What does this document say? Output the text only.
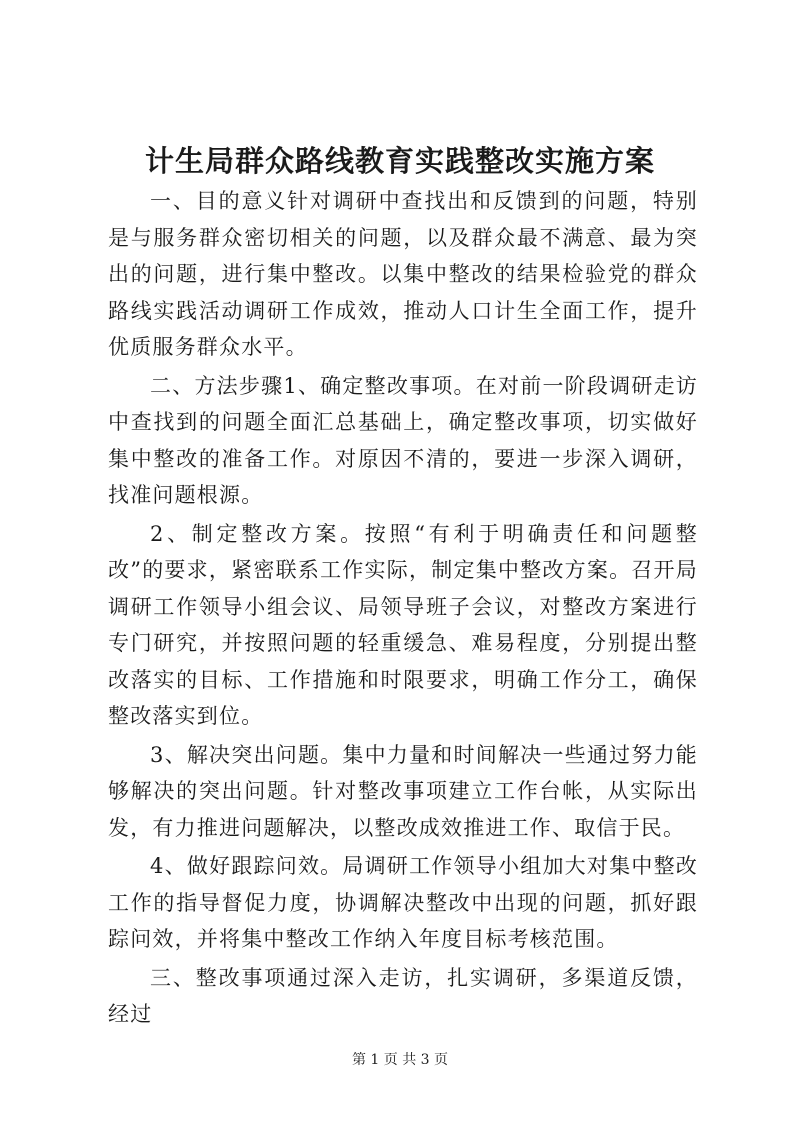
计生局群众路线教育实践整改实施方案

一、目的意义针对调研中查找出和反馈到的问题，特别是与服务群众密切相关的问题，以及群众最不满意、最为突出的问题，进行集中整改。以集中整改的结果检验党的群众路线实践活动调研工作成效，推动人口计生全面工作，提升优质服务群众水平。

二、方法步骤1、确定整改事项。在对前一阶段调研走访中查找到的问题全面汇总基础上，确定整改事项，切实做好集中整改的准备工作。对原因不清的，要进一步深入调研，找准问题根源。

2、制定整改方案。按照“有利于明确责任和问题整改”的要求，紧密联系工作实际，制定集中整改方案。召开局调研工作领导小组会议、局领导班子会议，对整改方案进行专门研究，并按照问题的轻重缓急、难易程度，分别提出整改落实的目标、工作措施和时限要求，明确工作分工，确保整改落实到位。

3、解决突出问题。集中力量和时间解决一些通过努力能够解决的突出问题。针对整改事项建立工作台帐，从实际出发，有力推进问题解决，以整改成效推进工作、取信于民。

4、做好跟踪问效。局调研工作领导小组加大对集中整改工作的指导督促力度，协调解决整改中出现的问题，抓好跟踪问效，并将集中整改工作纳入年度目标考核范围。

三、整改事项通过深入走访，扎实调研，多渠道反馈，经过

第 1 页 共 3 页
